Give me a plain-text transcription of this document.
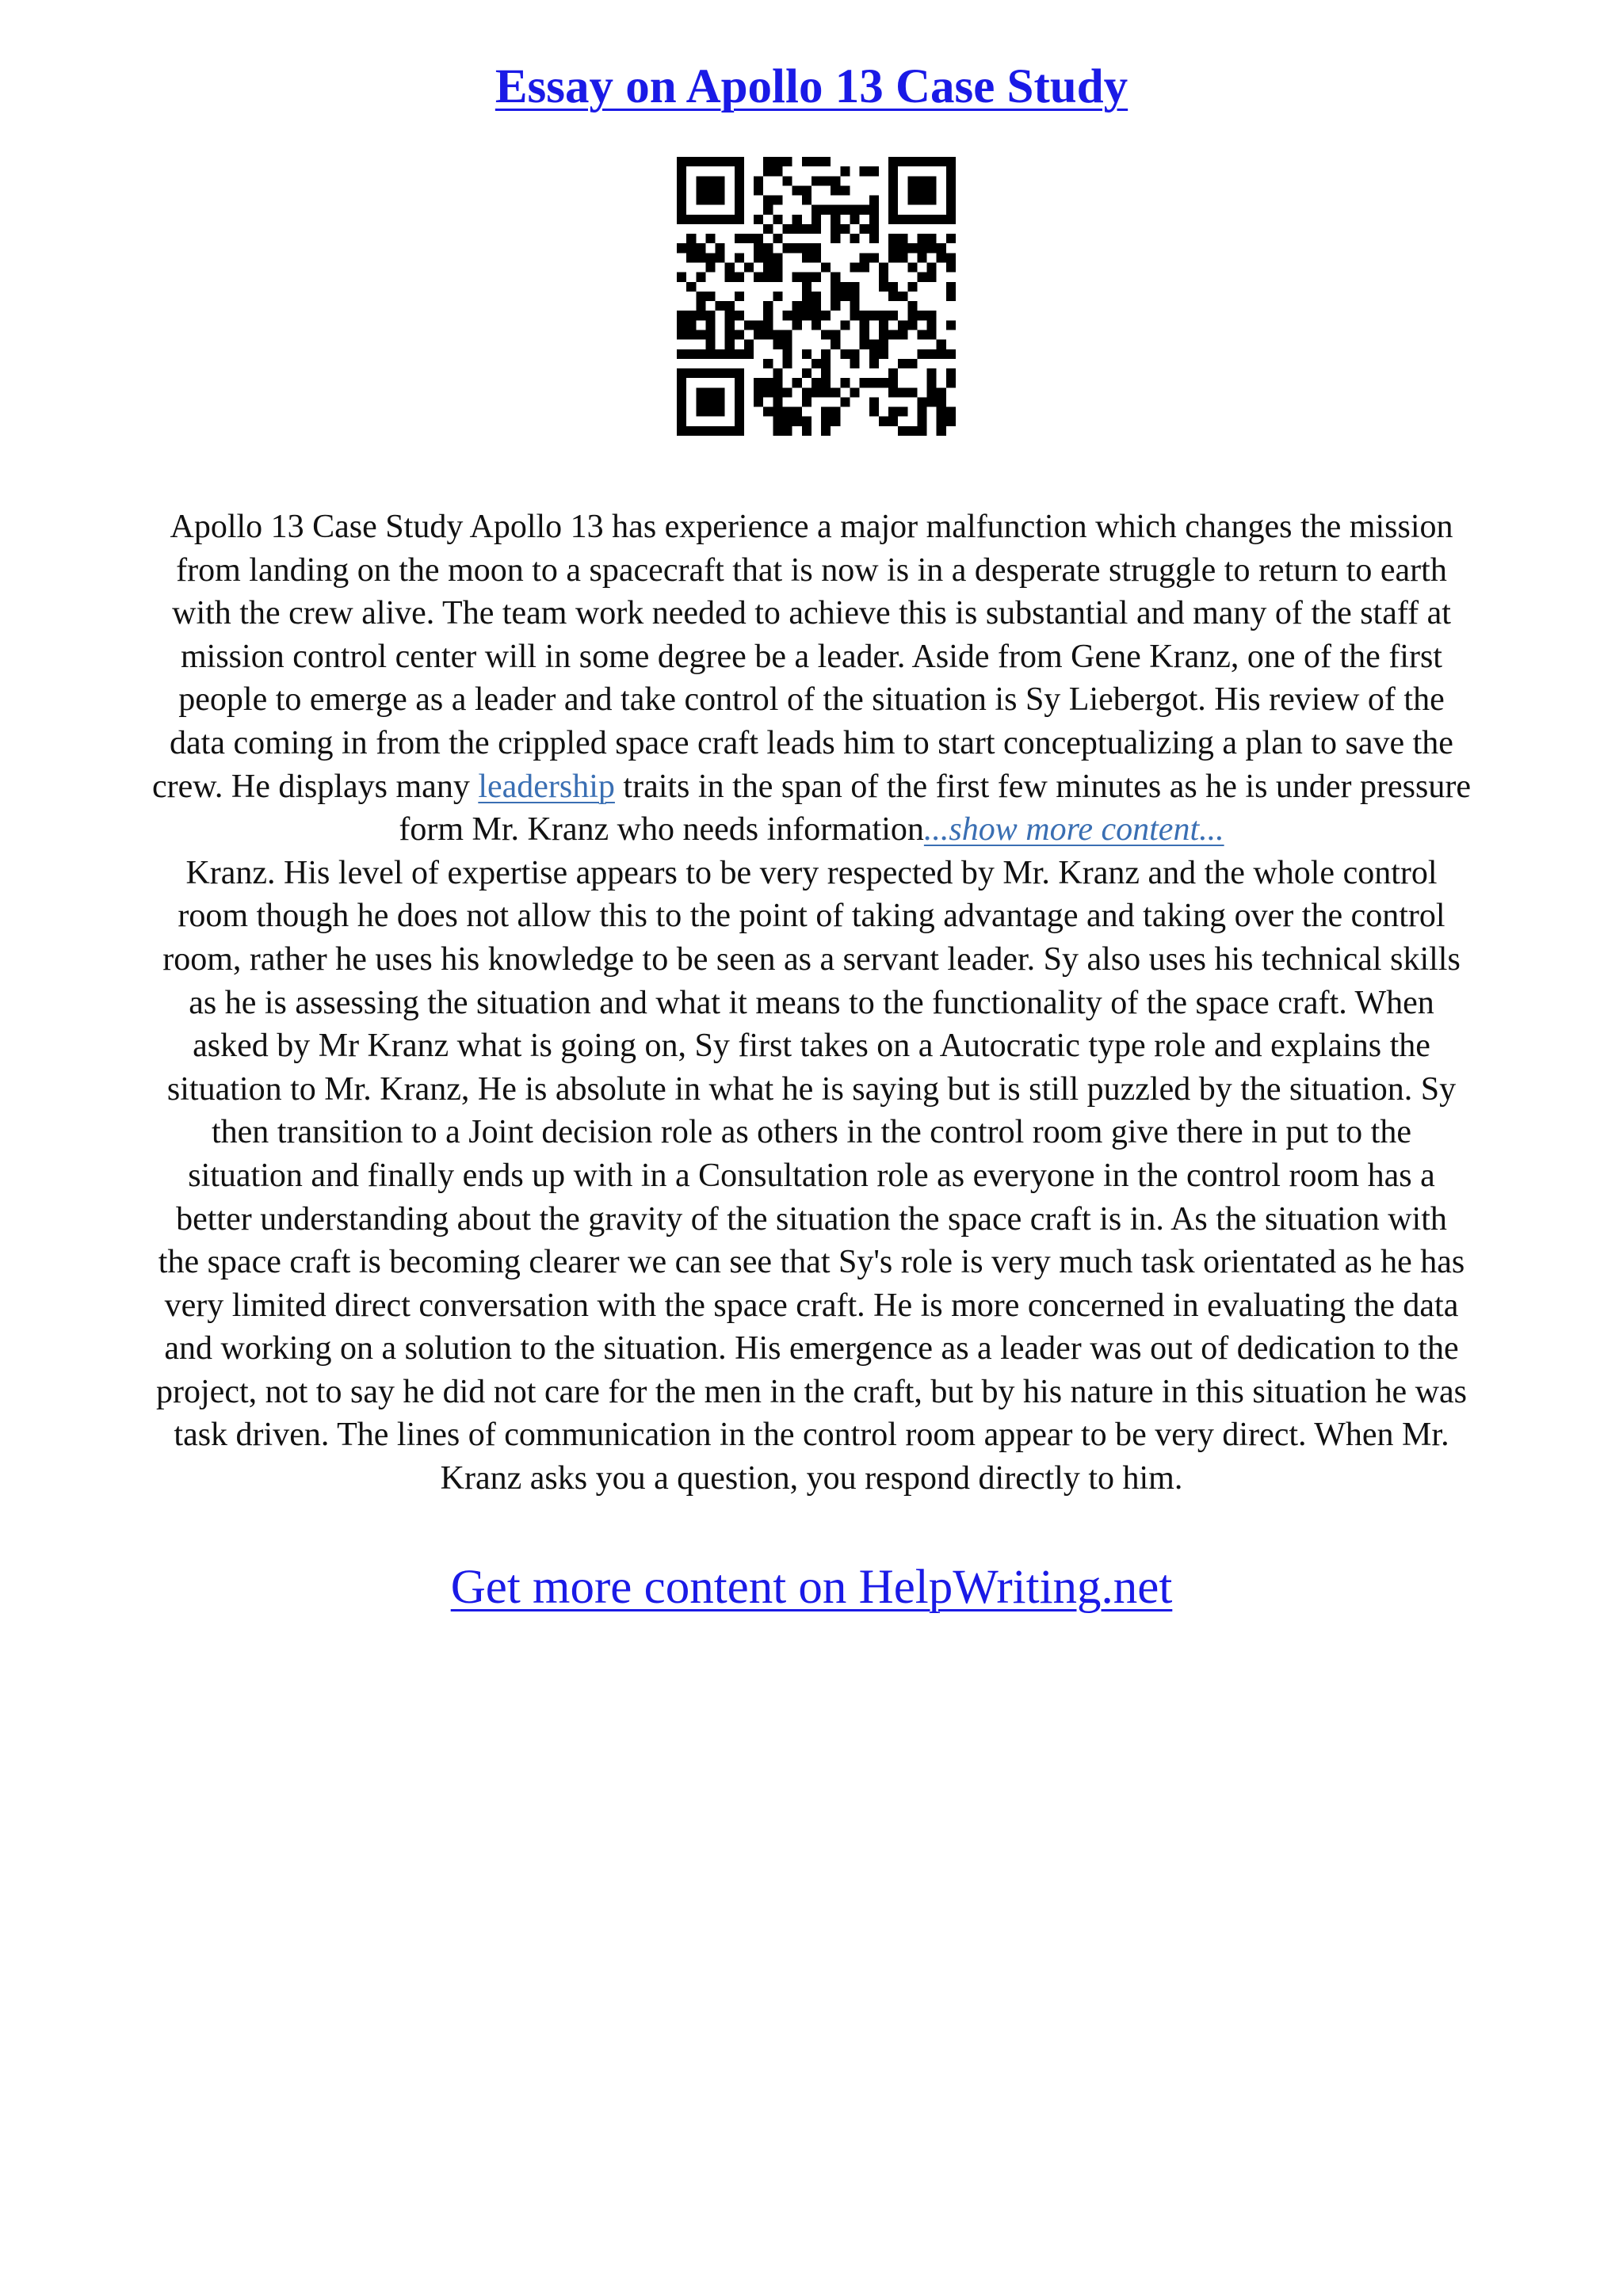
Essay on Apollo 13 Case Study
Apollo 13 Case Study Apollo 13 has experience a major malfunction which changes the mission
from landing on the moon to a spacecraft that is now is in a desperate struggle to return to earth
with the crew alive. The team work needed to achieve this is substantial and many of the staff at
mission control center will in some degree be a leader. Aside from Gene Kranz, one of the first
people to emerge as a leader and take control of the situation is Sy Liebergot. His review of the
data coming in from the crippled space craft leads him to start conceptualizing a plan to save the
crew. He displays many leadership traits in the span of the first few minutes as he is under pressure
form Mr. Kranz who needs information...show more content...
Kranz. His level of expertise appears to be very respected by Mr. Kranz and the whole control
room though he does not allow this to the point of taking advantage and taking over the control
room, rather he uses his knowledge to be seen as a servant leader. Sy also uses his technical skills
as he is assessing the situation and what it means to the functionality of the space craft. When
asked by Mr Kranz what is going on, Sy first takes on a Autocratic type role and explains the
situation to Mr. Kranz, He is absolute in what he is saying but is still puzzled by the situation. Sy
then transition to a Joint decision role as others in the control room give there in put to the
situation and finally ends up with in a Consultation role as everyone in the control room has a
better understanding about the gravity of the situation the space craft is in. As the situation with
the space craft is becoming clearer we can see that Sy's role is very much task orientated as he has
very limited direct conversation with the space craft. He is more concerned in evaluating the data
and working on a solution to the situation. His emergence as a leader was out of dedication to the
project, not to say he did not care for the men in the craft, but by his nature in this situation he was
task driven. The lines of communication in the control room appear to be very direct. When Mr.
Kranz asks you a question, you respond directly to him.
Get more content on HelpWriting.net
